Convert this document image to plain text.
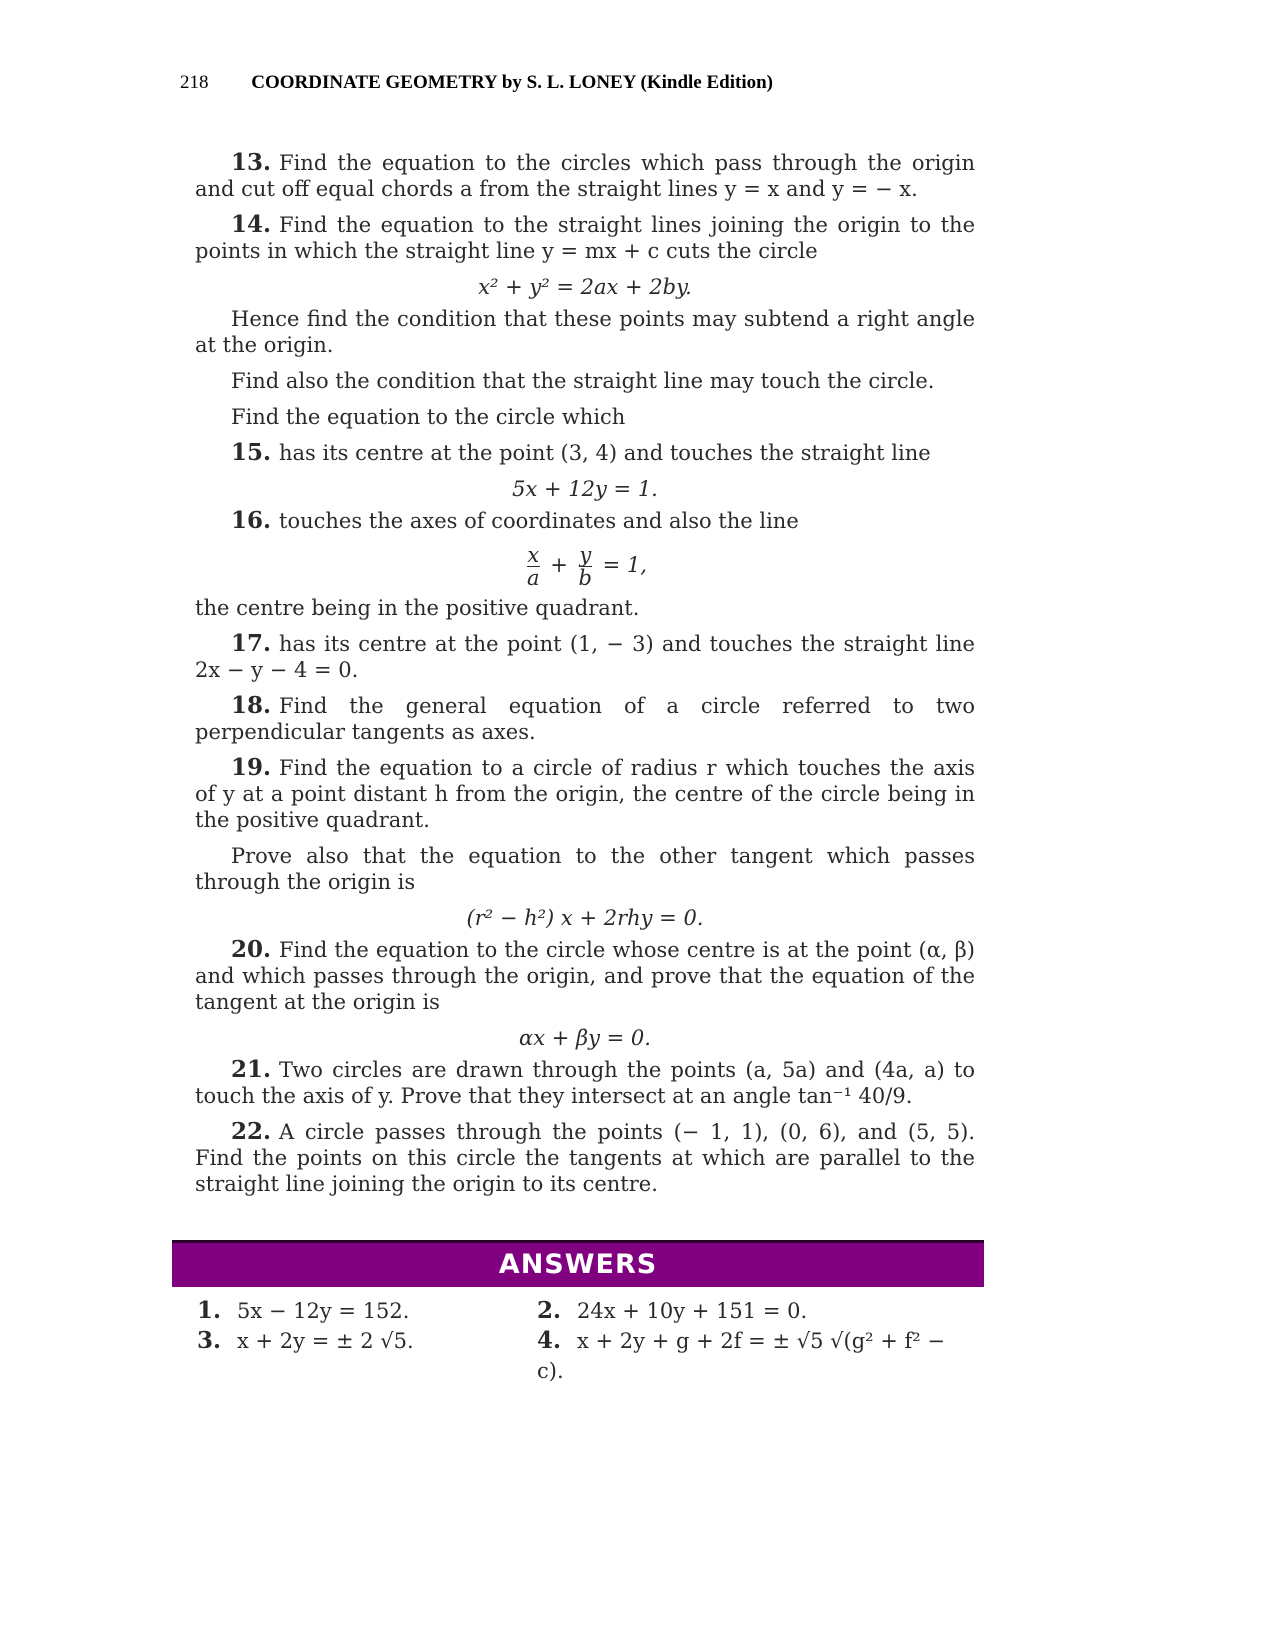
218 COORDINATE GEOMETRY by S. L. LONEY (Kindle Edition)

13. Find the equation to the circles which pass through the origin and cut off equal chords a from the straight lines y = x and y = − x.

14. Find the equation to the straight lines joining the origin to the points in which the straight line y = mx + c cuts the circle

x² + y² = 2ax + 2by.

Hence find the condition that these points may subtend a right angle at the origin.

Find also the condition that the straight line may touch the circle.

Find the equation to the circle which

15. has its centre at the point (3, 4) and touches the straight line

5x + 12y = 1.

16. touches the axes of coordinates and also the line

$\frac{x}{a} + \frac{y}{b} = 1$,

the centre being in the positive quadrant.

17. has its centre at the point (1, − 3) and touches the straight line 2x − y − 4 = 0.

18. Find the general equation of a circle referred to two perpendicular tangents as axes.

19. Find the equation to a circle of radius r which touches the axis of y at a point distant h from the origin, the centre of the circle being in the positive quadrant.

Prove also that the equation to the other tangent which passes through the origin is

(r² − h²) x + 2rhy = 0.

20. Find the equation to the circle whose centre is at the point (α, β) and which passes through the origin, and prove that the equation of the tangent at the origin is

αx + βy = 0.

21. Two circles are drawn through the points (a, 5a) and (4a, a) to touch the axis of y. Prove that they intersect at an angle tan⁻¹ 40/9.

22. A circle passes through the points (− 1, 1), (0, 6), and (5, 5). Find the points on this circle the tangents at which are parallel to the straight line joining the origin to its centre.

ANSWERS
1. 5x − 12y = 152.	2. 24x + 10y + 151 = 0.
3. x + 2y = ± 2 √5.	4. x + 2y + g + 2f = ± √5 √(g² + f² − c).
